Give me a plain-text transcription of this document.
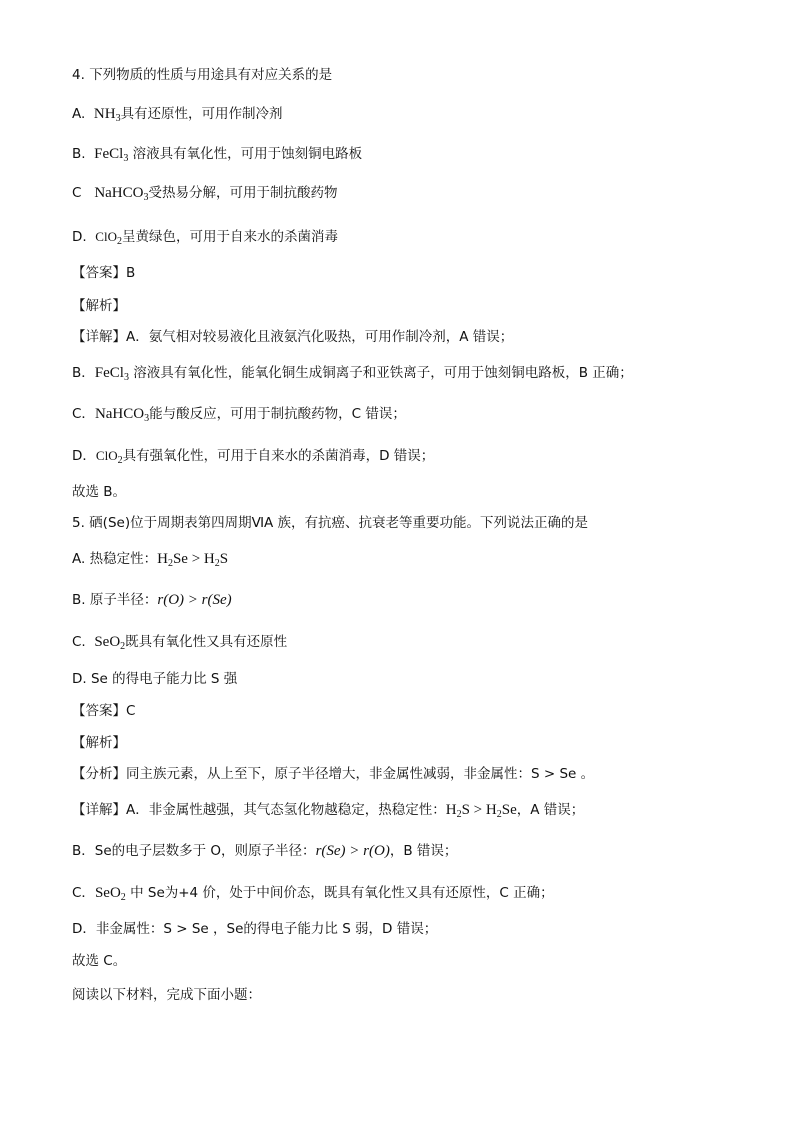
4. 下列物质的性质与用途具有对应关系的是
A. $NH_3$具有还原性，可用作制冷剂
B. FeCl$_3$ 溶液具有氧化性，可用于蚀刻铜电路板
C NaHCO$_3$受热易分解，可用于制抗酸药物
D. ClO$_2$呈黄绿色，可用于自来水的杀菌消毒
【答案】B
【解析】
【详解】A．氨气相对较易液化且液氨汽化吸热，可用作制冷剂，A 错误；
B．FeCl$_3$ 溶液具有氧化性，能氧化铜生成铜离子和亚铁离子，可用于蚀刻铜电路板，B 正确；
C．NaHCO$_3$能与酸反应，可用于制抗酸药物，C 错误；
D．ClO$_2$具有强氧化性，可用于自来水的杀菌消毒，D 错误；
故选 B。
5. 硒(Se)位于周期表第四周期ⅥA 族，有抗癌、抗衰老等重要功能。下列说法正确的是
A. 热稳定性：$H_2Se > H_2S$
B. 原子半径：r(O) > r(Se)
C. SeO$_2$既具有氧化性又具有还原性
D. Se 的得电子能力比 S 强
【答案】C
【解析】
【分析】同主族元素，从上至下，原子半径增大，非金属性减弱，非金属性：S > Se 。
【详解】A．非金属性越强，其气态氢化物越稳定，热稳定性：$H_2S > H_2Se$，A 错误；
B．Se的电子层数多于 O，则原子半径：r(Se) > r(O)，B 错误；
C．SeO$_2$ 中 Se为+4 价，处于中间价态，既具有氧化性又具有还原性，C 正确；
D．非金属性：S > Se ，Se的得电子能力比 S 弱，D 错误；
故选 C。
阅读以下材料，完成下面小题：
